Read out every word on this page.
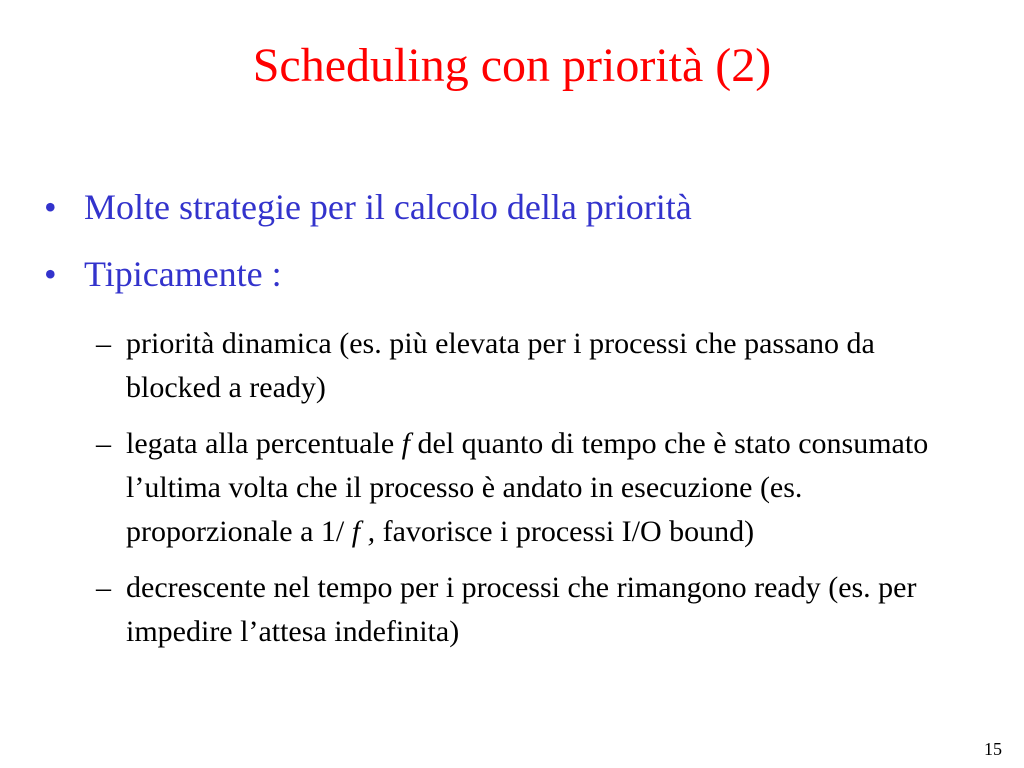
Scheduling con priorità (2)
• Molte strategie per il calcolo della priorità
• Tipicamente :
– priorità dinamica (es. più elevata per i processi che passano da blocked a ready)
– legata alla percentuale f del quanto di tempo che è stato consumato l’ultima volta che il processo è andato in esecuzione (es. proporzionale a 1/ f , favorisce i processi I/O bound)
– decrescente nel tempo per i processi che rimangono ready (es. per impedire l’attesa indefinita)
15
